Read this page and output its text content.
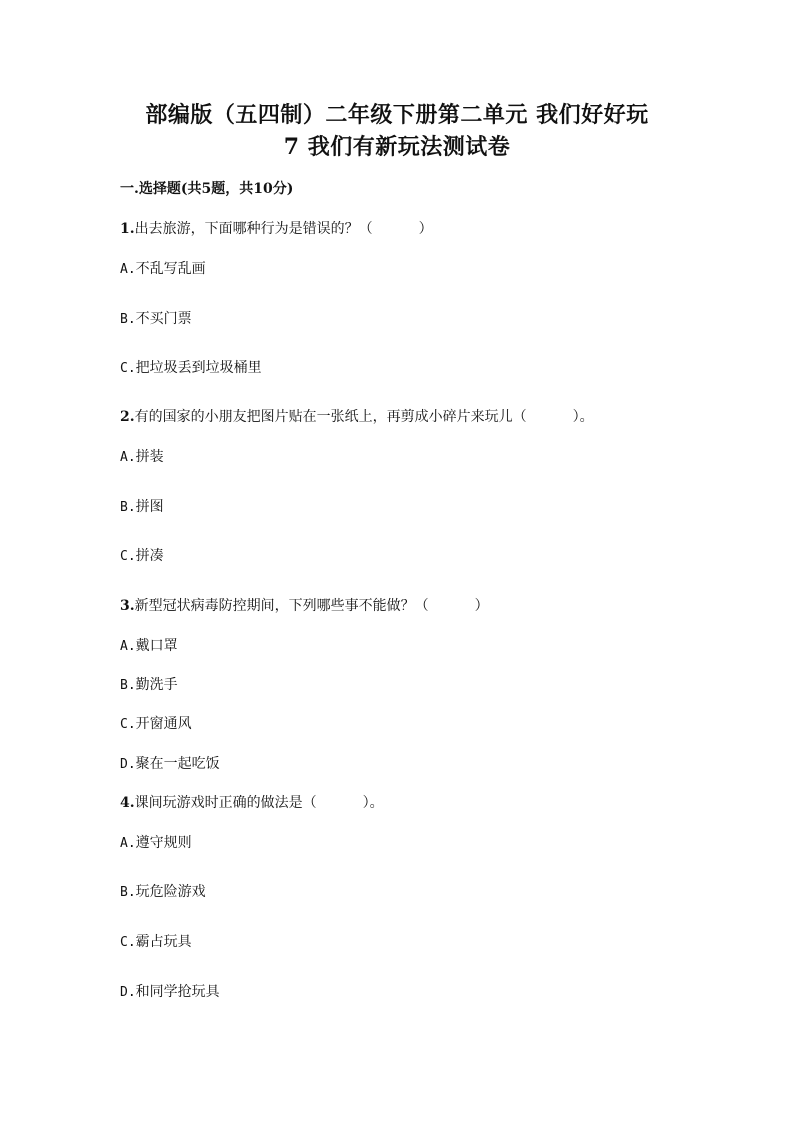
部编版（五四制）二年级下册第二单元 我们好好玩
7 我们有新玩法测试卷
一.选择题(共5题，共10分)
1.出去旅游，下面哪种行为是错误的？（	）
A.不乱写乱画
B.不买门票
C.把垃圾丢到垃圾桶里
2.有的国家的小朋友把图片贴在一张纸上，再剪成小碎片来玩儿（	）。
A.拼装
B.拼图
C.拼凑
3.新型冠状病毒防控期间，下列哪些事不能做？（	）
A.戴口罩
B.勤洗手
C.开窗通风
D.聚在一起吃饭
4.课间玩游戏时正确的做法是（	）。
A.遵守规则
B.玩危险游戏
C.霸占玩具
D.和同学抢玩具
